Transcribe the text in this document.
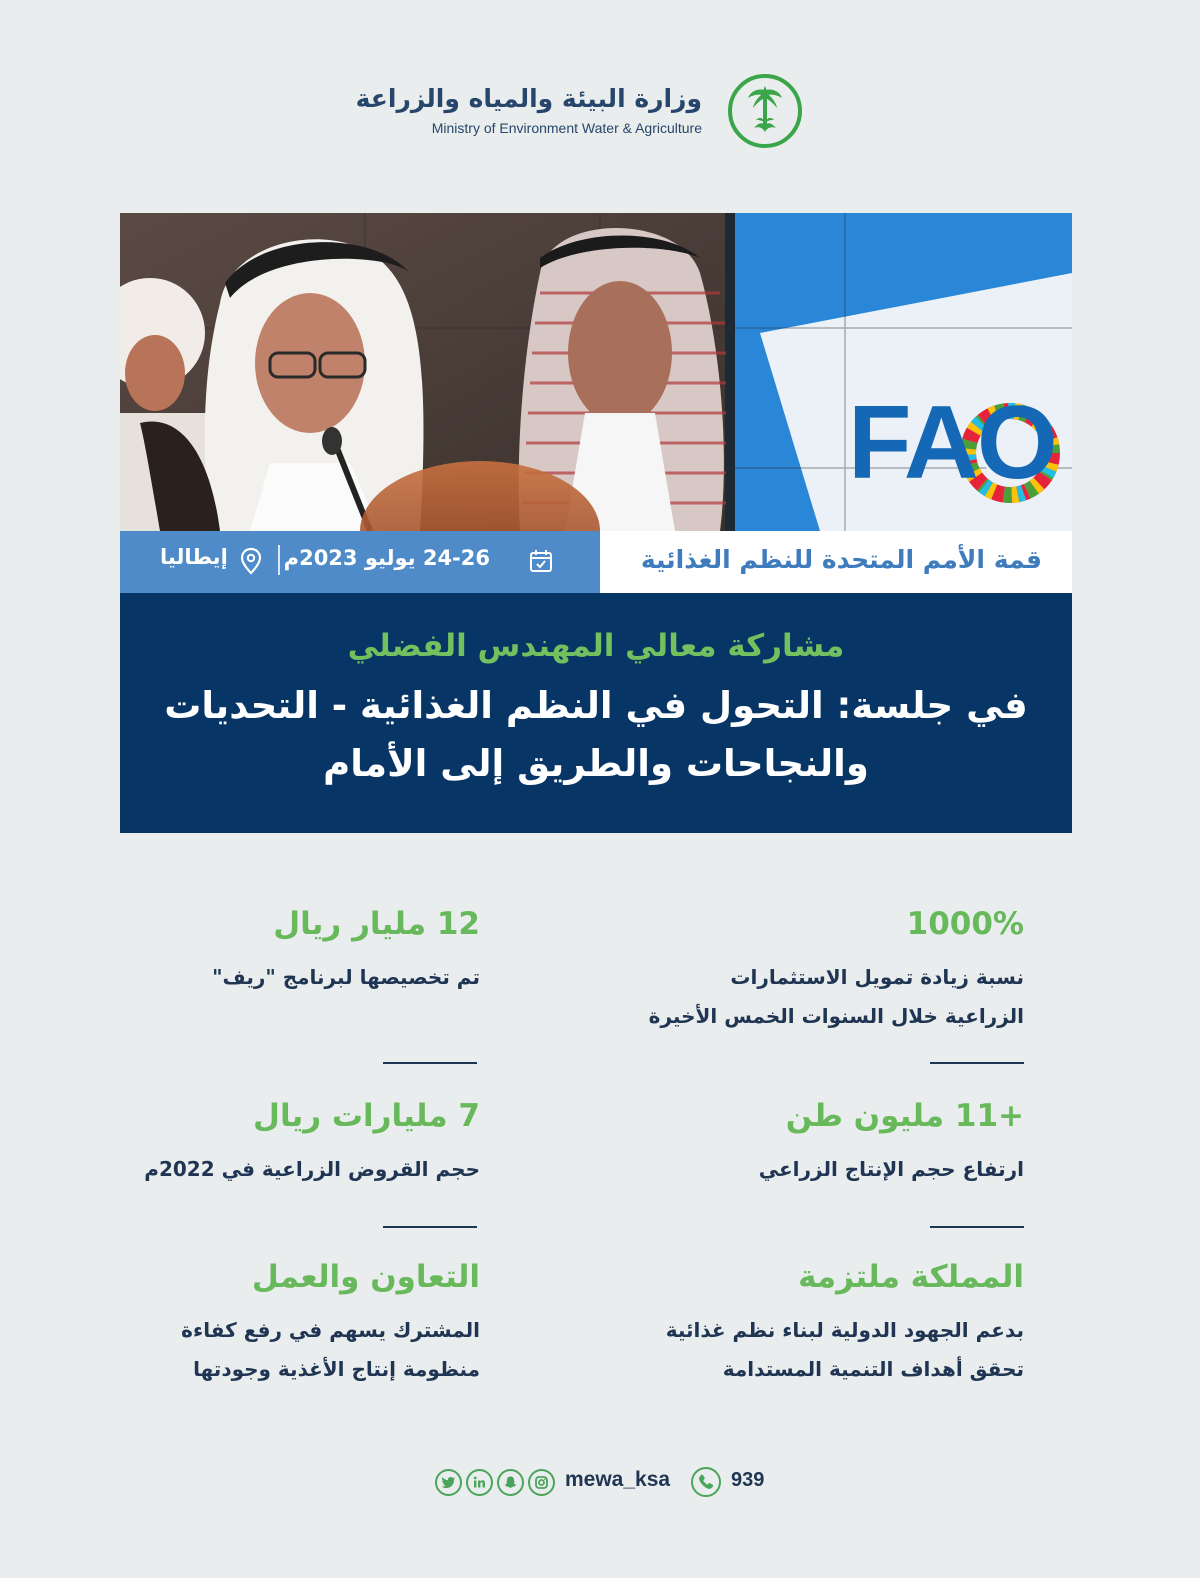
وزارة البيئة والمياه والزراعة
Ministry of Environment Water & Agriculture
FAO
إيطاليا	24-26 يوليو 2023م	قمة الأمم المتحدة للنظم الغذائية
مشاركة معالي المهندس الفضلي
في جلسة: التحول في النظم الغذائية - التحديات
والنجاحات والطريق إلى الأمام
1000%
نسبة زيادة تمويل الاستثمارات
الزراعية خلال السنوات الخمس الأخيرة
12 مليار ريال
تم تخصيصها لبرنامج "ريف"
+11 مليون طن
ارتفاع حجم الإنتاج الزراعي
7 مليارات ريال
حجم القروض الزراعية في 2022م
المملكة ملتزمة
بدعم الجهود الدولية لبناء نظم غذائية
تحقق أهداف التنمية المستدامة
التعاون والعمل
المشترك يسهم في رفع كفاءة
منظومة إنتاج الأغذية وجودتها
mewa_ksa	939
